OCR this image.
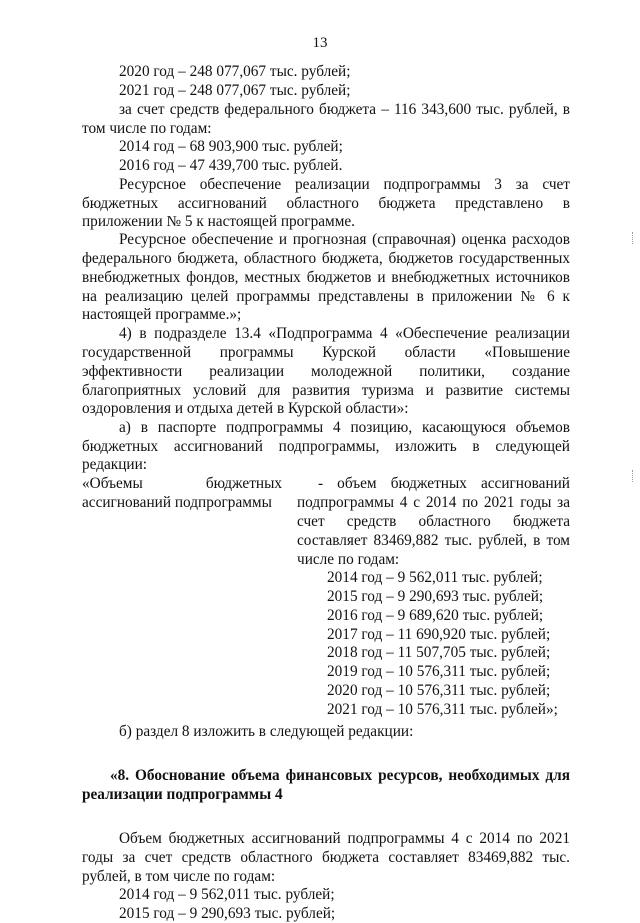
13
2020 год – 248 077,067 тыс. рублей;
2021 год – 248 077,067 тыс. рублей;
за счет средств федерального бюджета – 116 343,600 тыс. рублей, в
том числе по годам:
2014 год – 68 903,900 тыс. рублей;
2016 год – 47 439,700 тыс. рублей.
Ресурсное обеспечение реализации подпрограммы 3 за счет
бюджетных ассигнований областного бюджета представлено в
приложении № 5 к настоящей программе.
Ресурсное обеспечение и прогнозная (справочная) оценка расходов
федерального бюджета, областного бюджета, бюджетов государственных
внебюджетных фондов, местных бюджетов и внебюджетных источников
на реализацию целей программы представлены в приложении № 6 к
настоящей программе.»;
4) в подразделе 13.4 «Подпрограмма 4 «Обеспечение реализации
государственной программы Курской области «Повышение
эффективности реализации молодежной политики, создание
благоприятных условий для развития туризма и развитие системы
оздоровления и отдыха детей в Курской области»:
а) в паспорте подпрограммы 4 позицию, касающуюся объемов
бюджетных ассигнований подпрограммы, изложить в следующей
редакции:
«Объемы бюджетных
ассигнований подпрограммы
- объем бюджетных ассигнований
подпрограммы 4 с 2014 по 2021 годы за
счет средств областного бюджета
составляет 83469,882 тыс. рублей, в том
числе по годам:
2014 год – 9 562,011 тыс. рублей;
2015 год – 9 290,693 тыс. рублей;
2016 год – 9 689,620 тыс. рублей;
2017 год – 11 690,920 тыс. рублей;
2018 год – 11 507,705 тыс. рублей;
2019 год – 10 576,311 тыс. рублей;
2020 год – 10 576,311 тыс. рублей;
2021 год – 10 576,311 тыс. рублей»;
б) раздел 8 изложить в следующей редакции:
«8. Обоснование объема финансовых ресурсов, необходимых для
реализации подпрограммы 4
Объем бюджетных ассигнований подпрограммы 4 с 2014 по 2021
годы за счет средств областного бюджета составляет 83469,882 тыс.
рублей, в том числе по годам:
2014 год – 9 562,011 тыс. рублей;
2015 год – 9 290,693 тыс. рублей;
